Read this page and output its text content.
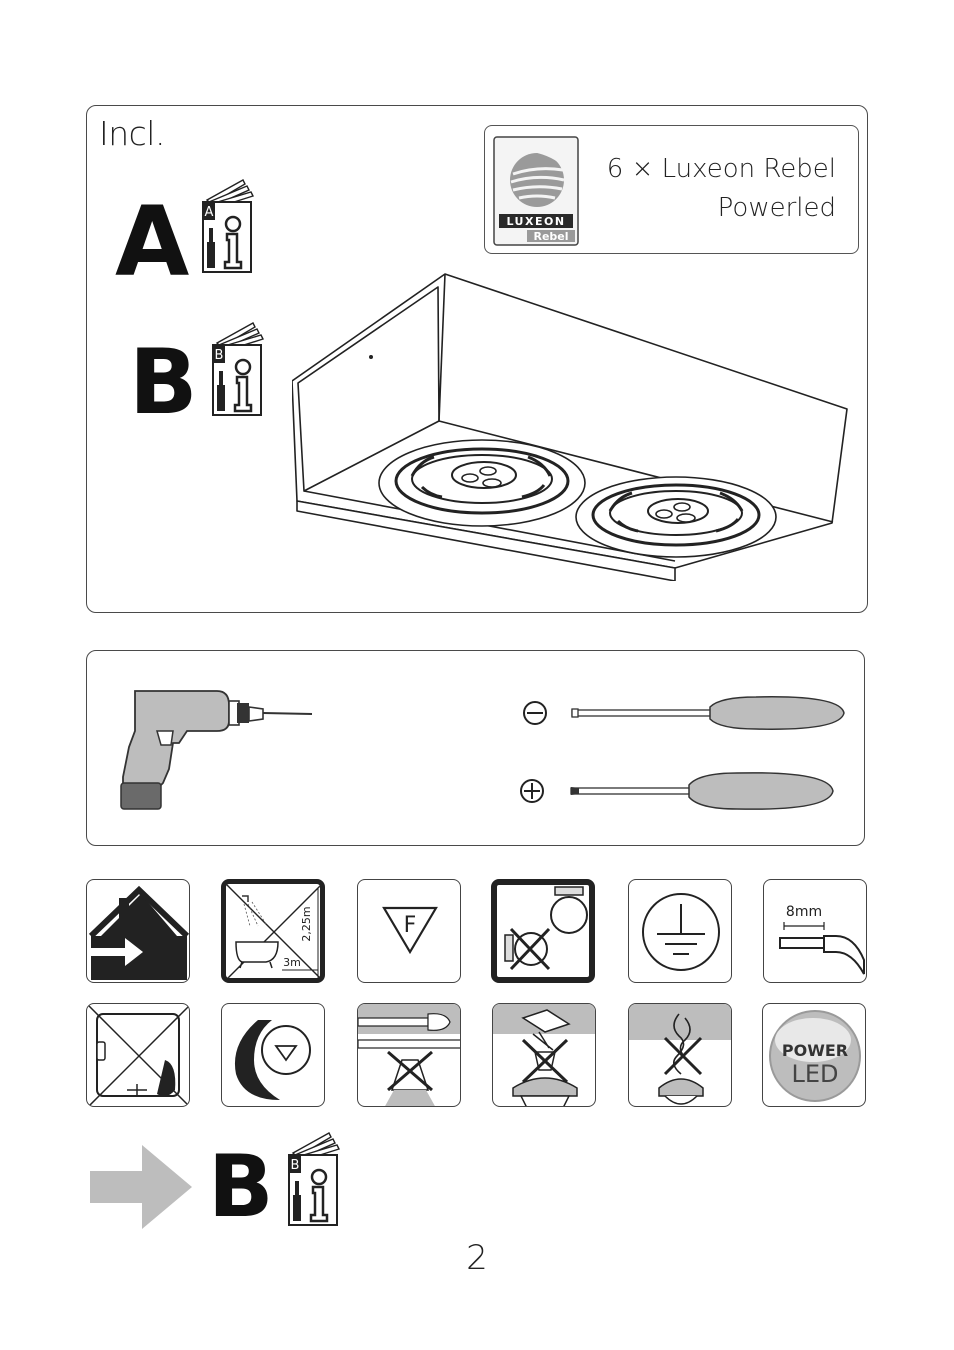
Incl.
A A
B B
LUXEON
Rebel
6 × Luxeon Rebel
Powerled
2,25m
3m
F
8mm
POWER
LED
B B
2
